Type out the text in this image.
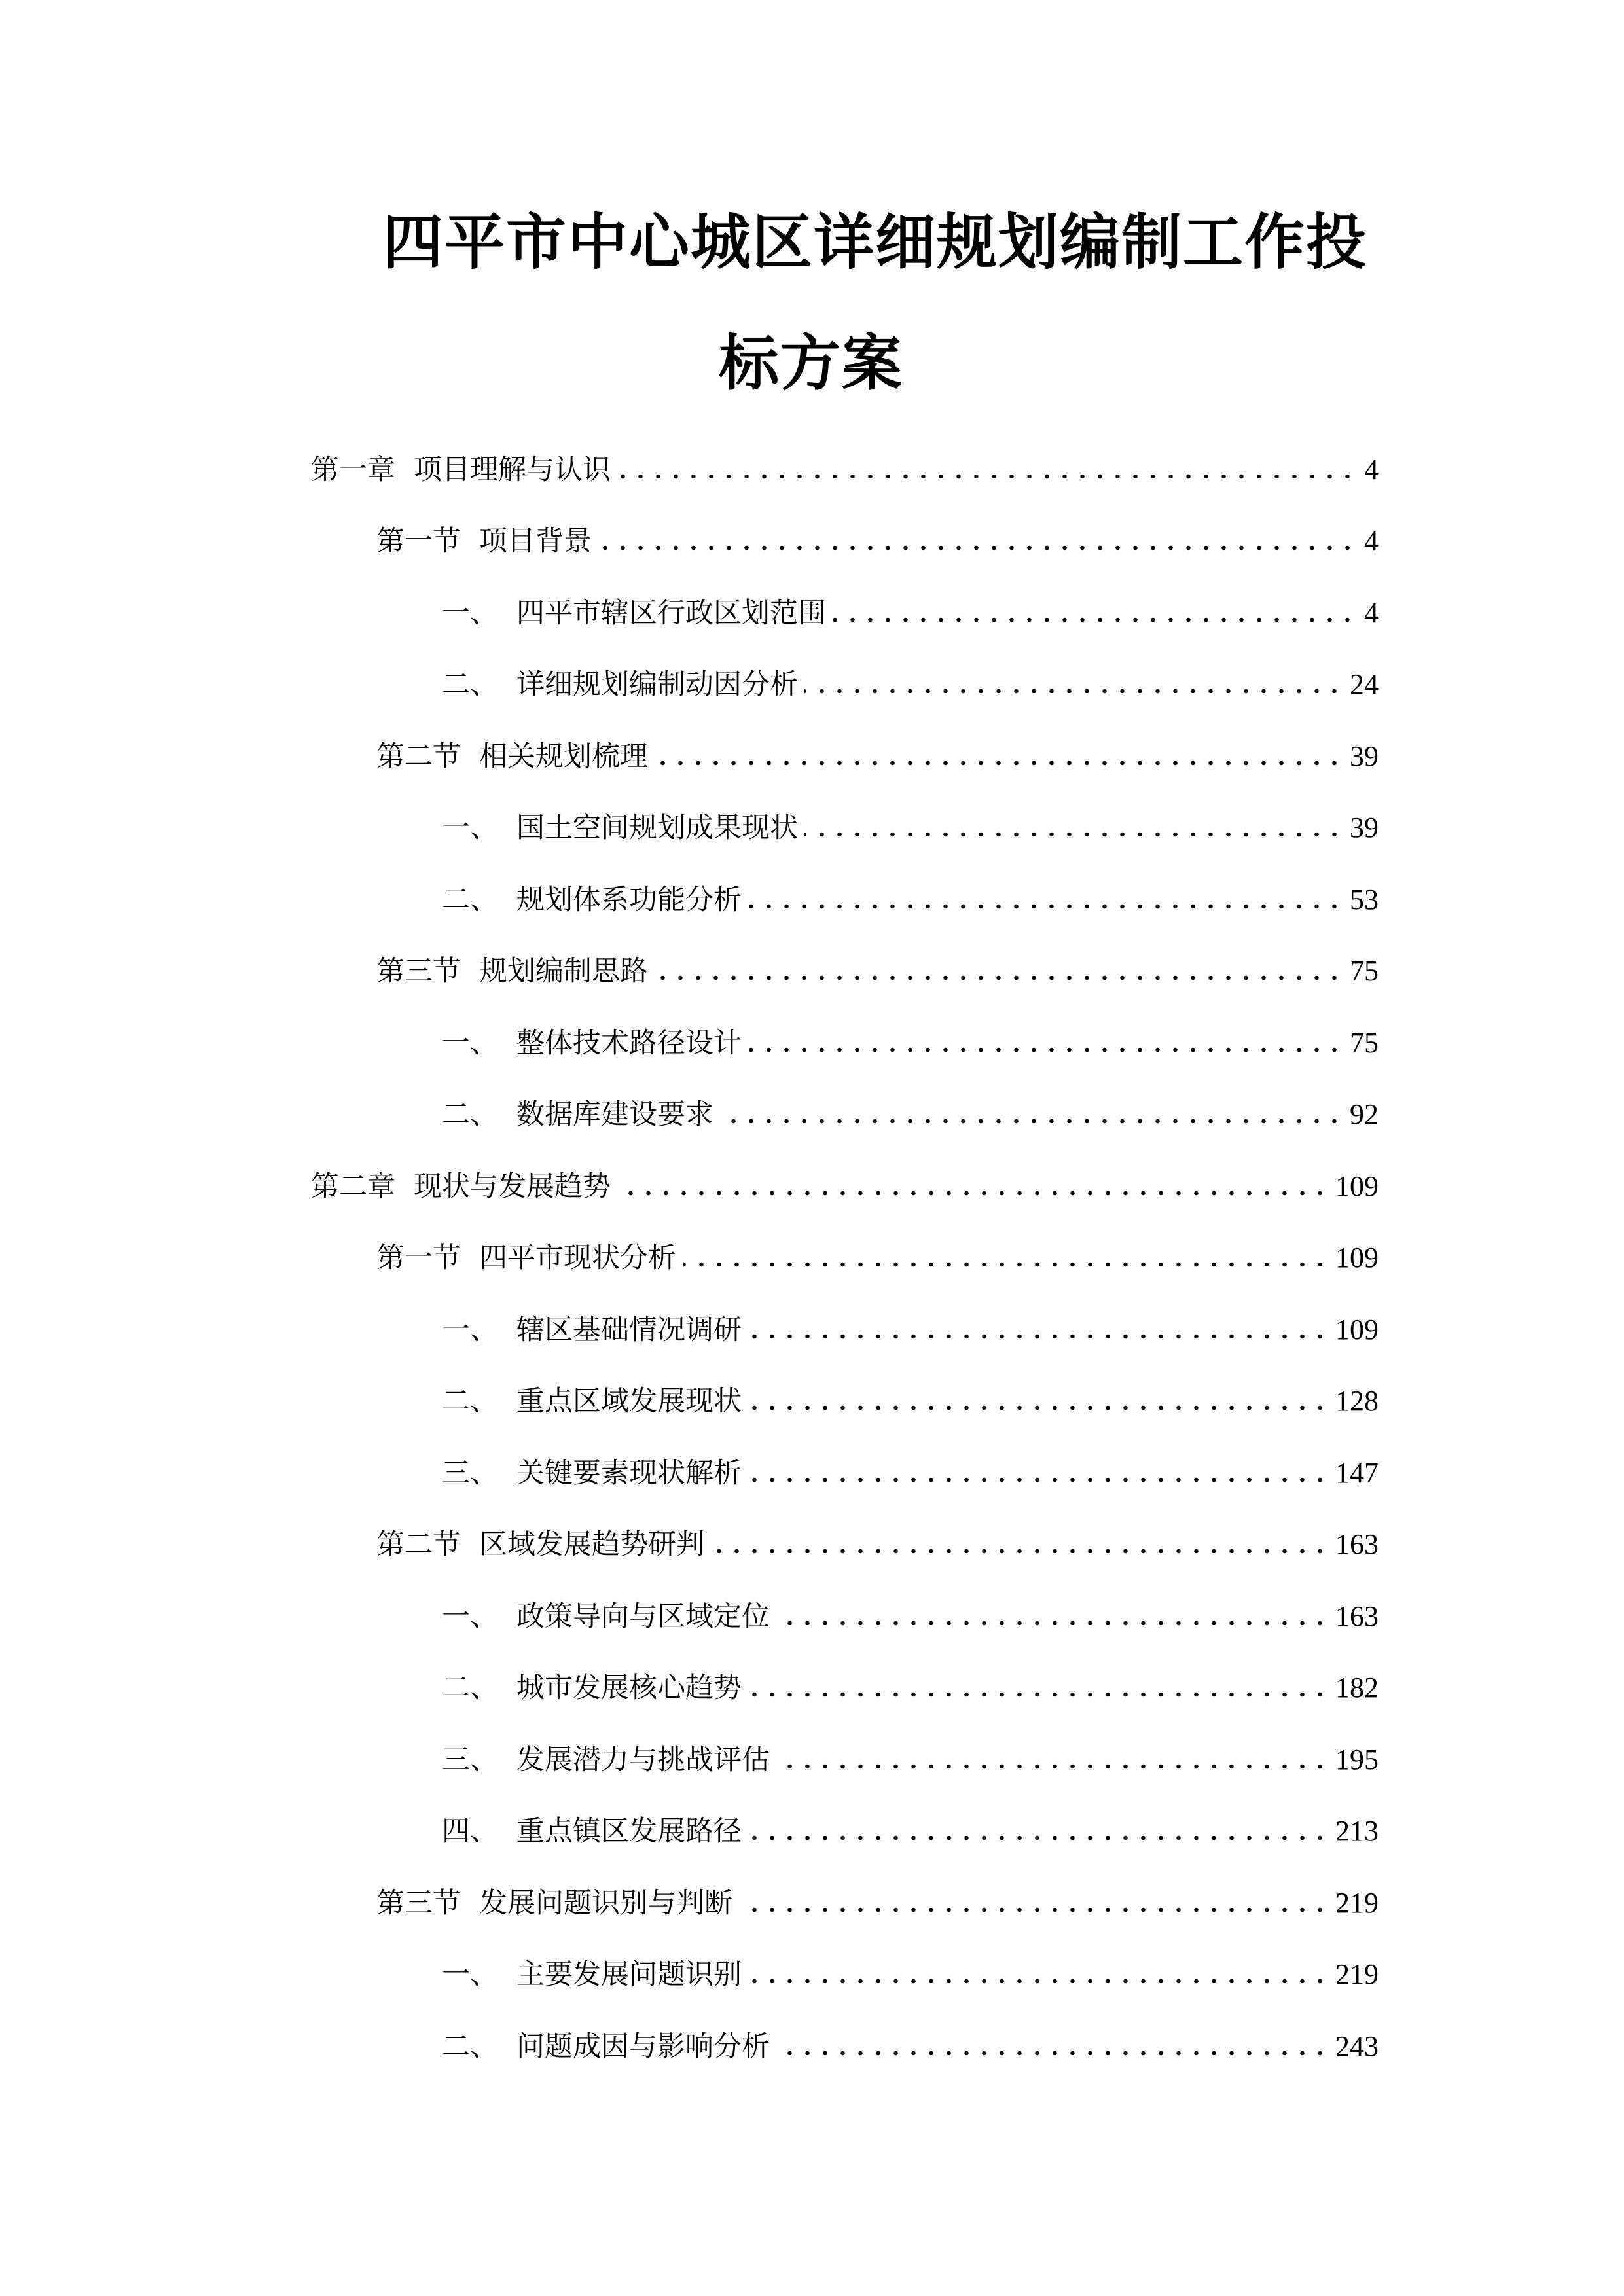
四平市中心城区详细规划编制工作投
标方案
第一章 项目理解与认识	4
第一节 项目背景	4
一、 四平市辖区行政区划范围	4
二、 详细规划编制动因分析	24
第二节 相关规划梳理	39
一、 国土空间规划成果现状	39
二、 规划体系功能分析	53
第三节 规划编制思路	75
一、 整体技术路径设计	75
二、 数据库建设要求	92
第二章 现状与发展趋势	109
第一节 四平市现状分析	109
一、 辖区基础情况调研	109
二、 重点区域发展现状	128
三、 关键要素现状解析	147
第二节 区域发展趋势研判	163
一、 政策导向与区域定位	163
二、 城市发展核心趋势	182
三、 发展潜力与挑战评估	195
四、 重点镇区发展路径	213
第三节 发展问题识别与判断	219
一、 主要发展问题识别	219
二、 问题成因与影响分析	243
